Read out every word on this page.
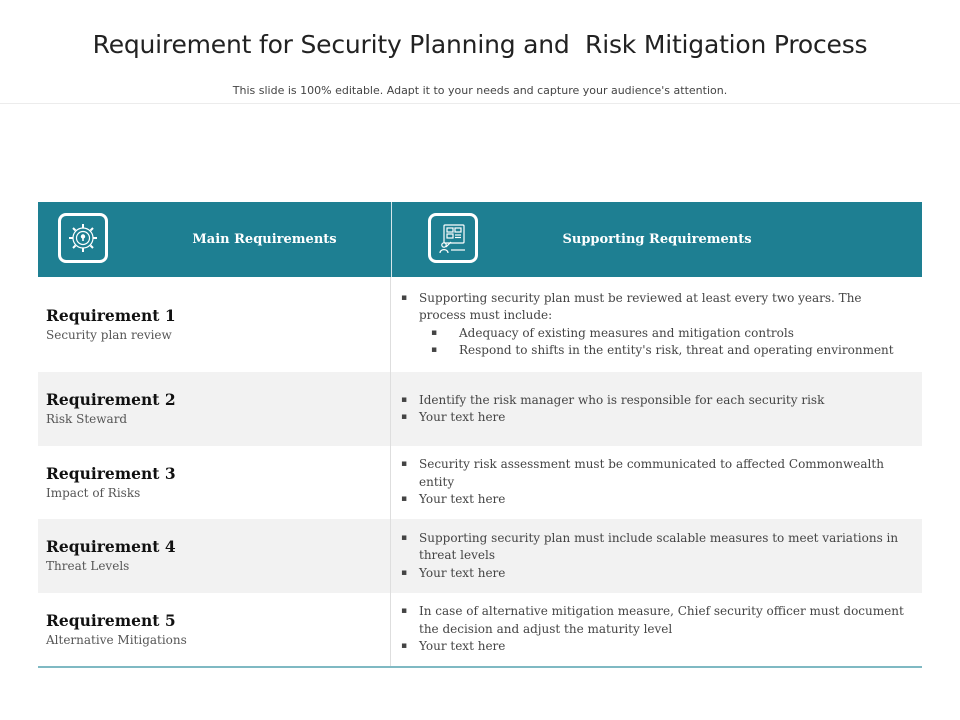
Requirement for Security Planning and  Risk Mitigation Process
This slide is 100% editable. Adapt it to your needs and capture your audience's attention.
Main Requirements	Supporting Requirements
Requirement 1
Security plan review
▪ Supporting security plan must be reviewed at least every two years. The process must include:
▪ Adequacy of existing measures and mitigation controls
▪ Respond to shifts in the entity's risk, threat and operating environment
Requirement 2
Risk Steward
▪ Identify the risk manager who is responsible for each security risk
▪ Your text here
Requirement 3
Impact of Risks
▪ Security risk assessment must be communicated to affected Commonwealth entity
▪ Your text here
Requirement 4
Threat Levels
▪ Supporting security plan must include scalable measures to meet variations in threat levels
▪ Your text here
Requirement 5
Alternative Mitigations
▪ In case of alternative mitigation measure, Chief security officer must document the decision and adjust the maturity level
▪ Your text here
